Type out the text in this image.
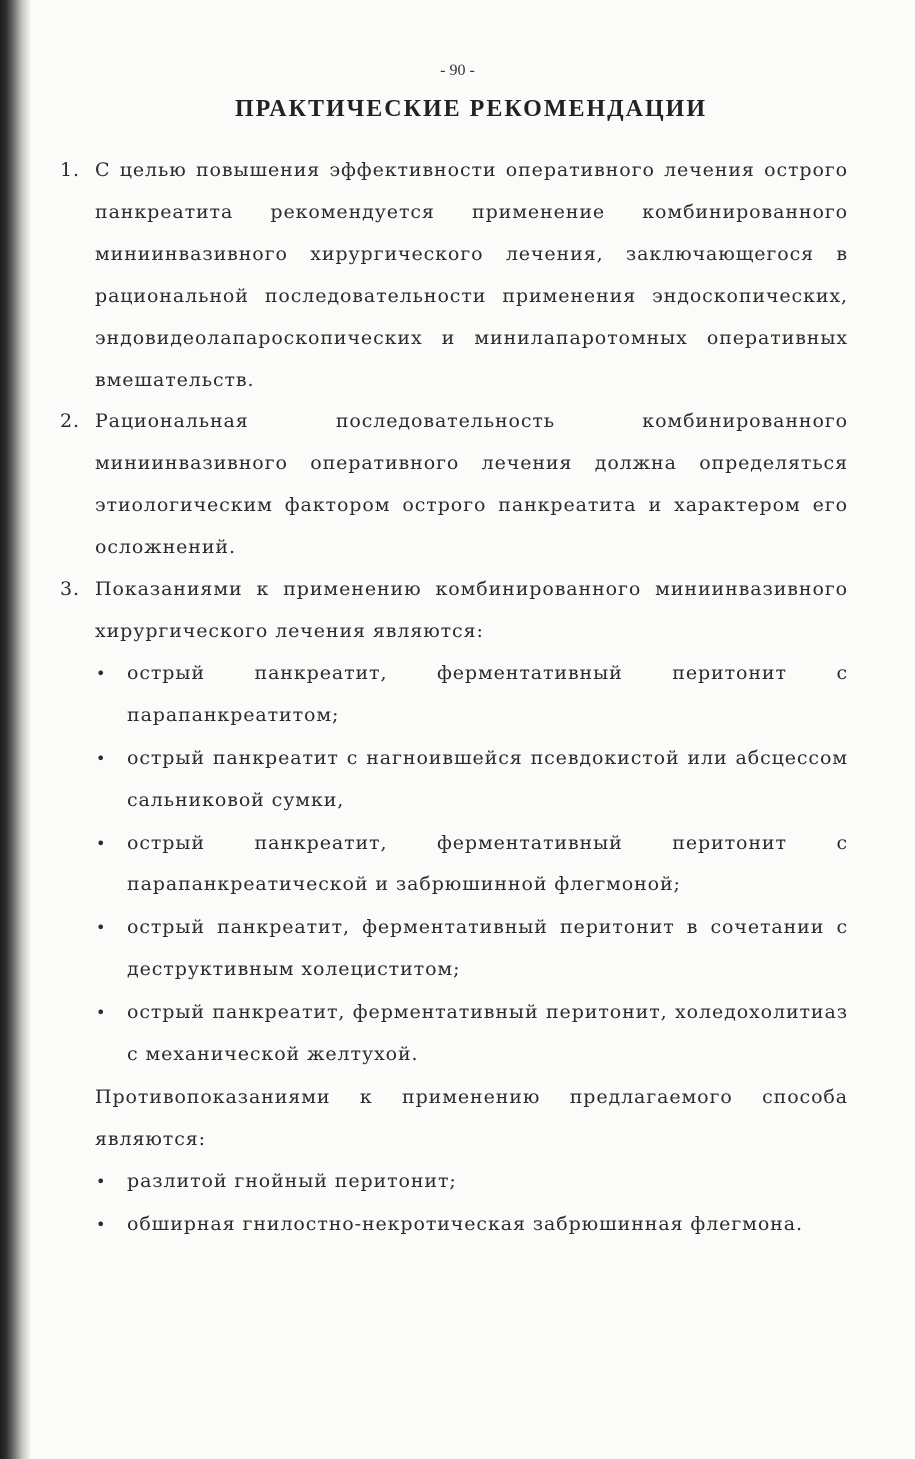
- 90 -
ПРАКТИЧЕСКИЕ РЕКОМЕНДАЦИИ
1. С целью повышения эффективности оперативного лечения острого панкреатита рекомендуется применение комбинированного миниинвазивного хирургического лечения, заключающегося в рациональной последовательности применения эндоскопических, эндовидеолапароскопических и минилапаротомных оперативных вмешательств.
2. Рациональная последовательность комбинированного миниинвазивного оперативного лечения должна определяться этиологическим фактором острого панкреатита и характером его осложнений.
3. Показаниями к применению комбинированного миниинвазивного хирургического лечения являются:
• острый панкреатит, ферментативный перитонит с парапанкреатитом;
• острый панкреатит с нагноившейся псевдокистой или абсцессом сальниковой сумки,
• острый панкреатит, ферментативный перитонит с парапанкреатической и забрюшинной флегмоной;
• острый панкреатит, ферментативный перитонит в сочетании с деструктивным холециститом;
• острый панкреатит, ферментативный перитонит, холедохолитиаз с механической желтухой.
Противопоказаниями к применению предлагаемого способа являются:
• разлитой гнойный перитонит;
• обширная гнилостно-некротическая забрюшинная флегмона.
